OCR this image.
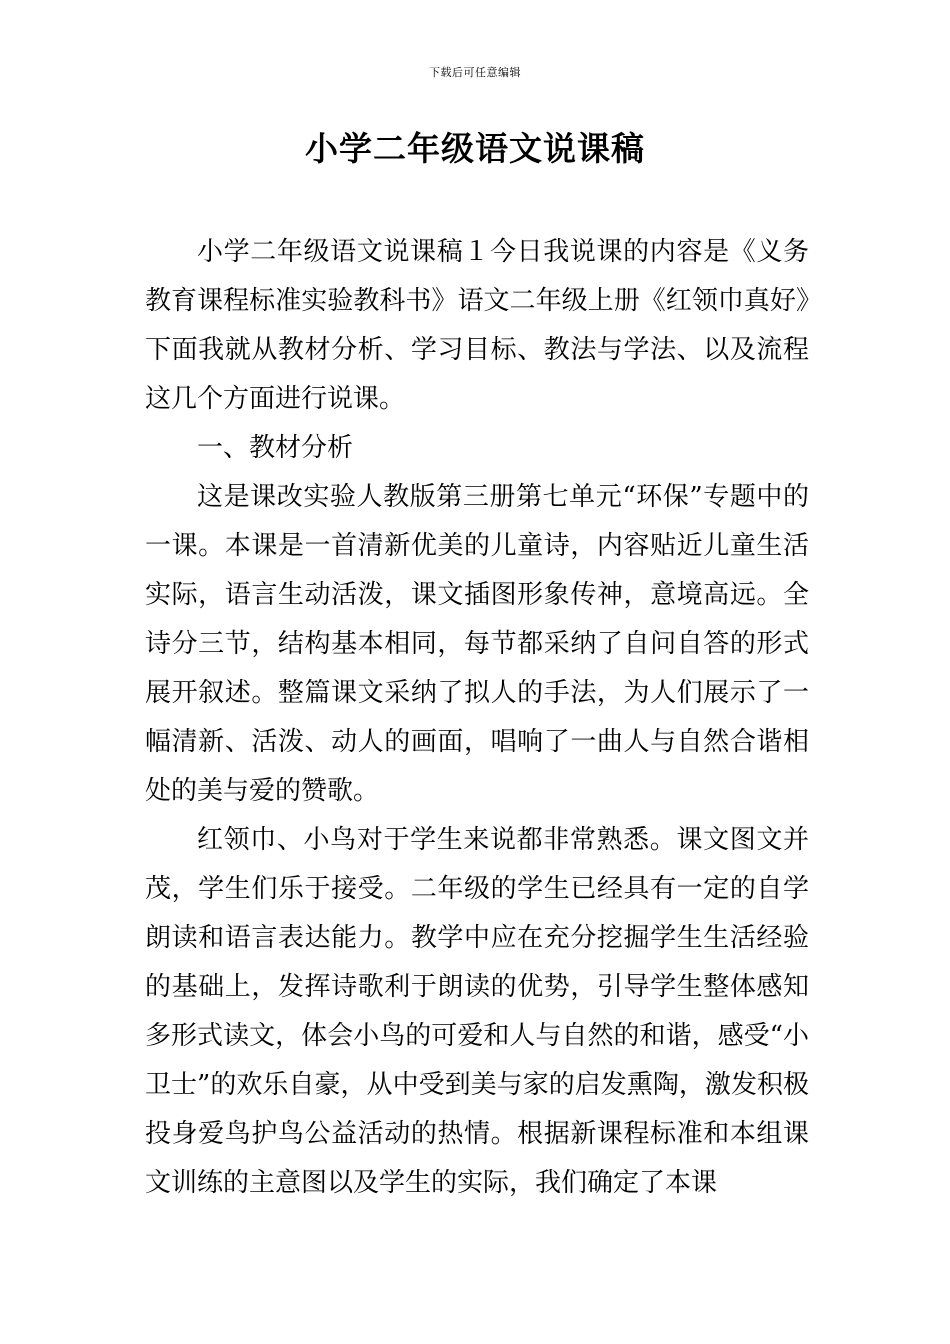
下载后可任意编辑
小学二年级语文说课稿

小学二年级语文说课稿１今日我说课的内容是《义务教育课程标准实验教科书》语文二年级上册《红领巾真好》下面我就从教材分析、学习目标、教法与学法、以及流程这几个方面进行说课。

一、教材分析

这是课改实验人教版第三册第七单元“环保”专题中的一课。本课是一首清新优美的儿童诗，内容贴近儿童生活实际，语言生动活泼，课文插图形象传神，意境高远。全诗分三节，结构基本相同，每节都采纳了自问自答的形式展开叙述。整篇课文采纳了拟人的手法，为人们展示了一幅清新、活泼、动人的画面，唱响了一曲人与自然合谐相处的美与爱的赞歌。

红领巾、小鸟对于学生来说都非常熟悉。课文图文并茂，学生们乐于接受。二年级的学生已经具有一定的自学朗读和语言表达能力。教学中应在充分挖掘学生生活经验的基础上，发挥诗歌利于朗读的优势，引导学生整体感知多形式读文，体会小鸟的可爱和人与自然的和谐，感受“小卫士”的欢乐自豪，从中受到美与家的启发熏陶，激发积极投身爱鸟护鸟公益活动的热情。根据新课程标准和本组课文训练的主意图以及学生的实际，我们确定了本课
